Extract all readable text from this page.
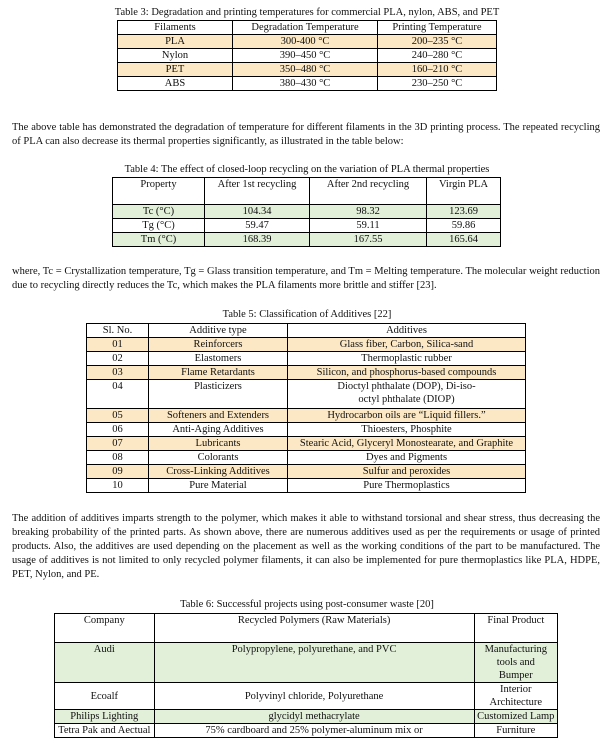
Table 3: Degradation and printing temperatures for commercial PLA, nylon, ABS, and PET
Filaments	Degradation Temperature	Printing Temperature
PLA	300-400 °C	200–235 °C
Nylon	390–450 °C	240–280 °C
PET	350–480 °C	160–210 °C
ABS	380–430 °C	230–250 °C
The above table has demonstrated the degradation of temperature for different filaments in the 3D printing process. The repeated recycling of PLA can also decrease its thermal properties significantly, as illustrated in the table below:
Table 4: The effect of closed-loop recycling on the variation of PLA thermal properties
Property	After 1st recycling	After 2nd recycling	Virgin PLA
Tc (°C)	104.34	98.32	123.69
Tg (°C)	59.47	59.11	59.86
Tm (°C)	168.39	167.55	165.64
where, Tc = Crystallization temperature, Tg = Glass transition temperature, and Tm = Melting temperature. The molecular weight reduction due to recycling directly reduces the Tc, which makes the PLA filaments more brittle and stiffer [23].
Table 5: Classification of Additives [22]
Sl. No.	Additive type	Additives
01	Reinforcers	Glass fiber, Carbon, Silica-sand
02	Elastomers	Thermoplastic rubber
03	Flame Retardants	Silicon, and phosphorus-based compounds
04	Plasticizers	Dioctyl phthalate (DOP), Di-iso-octyl phthalate (DIOP)
05	Softeners and Extenders	Hydrocarbon oils are “Liquid fillers.”
06	Anti-Aging Additives	Thioesters, Phosphite
07	Lubricants	Stearic Acid, Glyceryl Monostearate, and Graphite
08	Colorants	Dyes and Pigments
09	Cross-Linking Additives	Sulfur and peroxides
10	Pure Material	Pure Thermoplastics
The addition of additives imparts strength to the polymer, which makes it able to withstand torsional and shear stress, thus decreasing the breaking probability of the printed parts. As shown above, there are numerous additives used as per the requirements or usage of printed products. Also, the additives are used depending on the placement as well as the working conditions of the part to be manufactured. The usage of additives is not limited to only recycled polymer filaments, it can also be implemented for pure thermoplastics like PLA, HDPE, PET, Nylon, and PE.
Table 6: Successful projects using post-consumer waste [20]
Company	Recycled Polymers (Raw Materials)	Final Product
Audi	Polypropylene, polyurethane, and PVC	Manufacturing tools and Bumper
Ecoalf	Polyvinyl chloride, Polyurethane	Interior Architecture
Philips Lighting	glycidyl methacrylate	Customized Lamp
Tetra Pak and Aectual	75% cardboard and 25% polymer-aluminum mix or	Furniture
